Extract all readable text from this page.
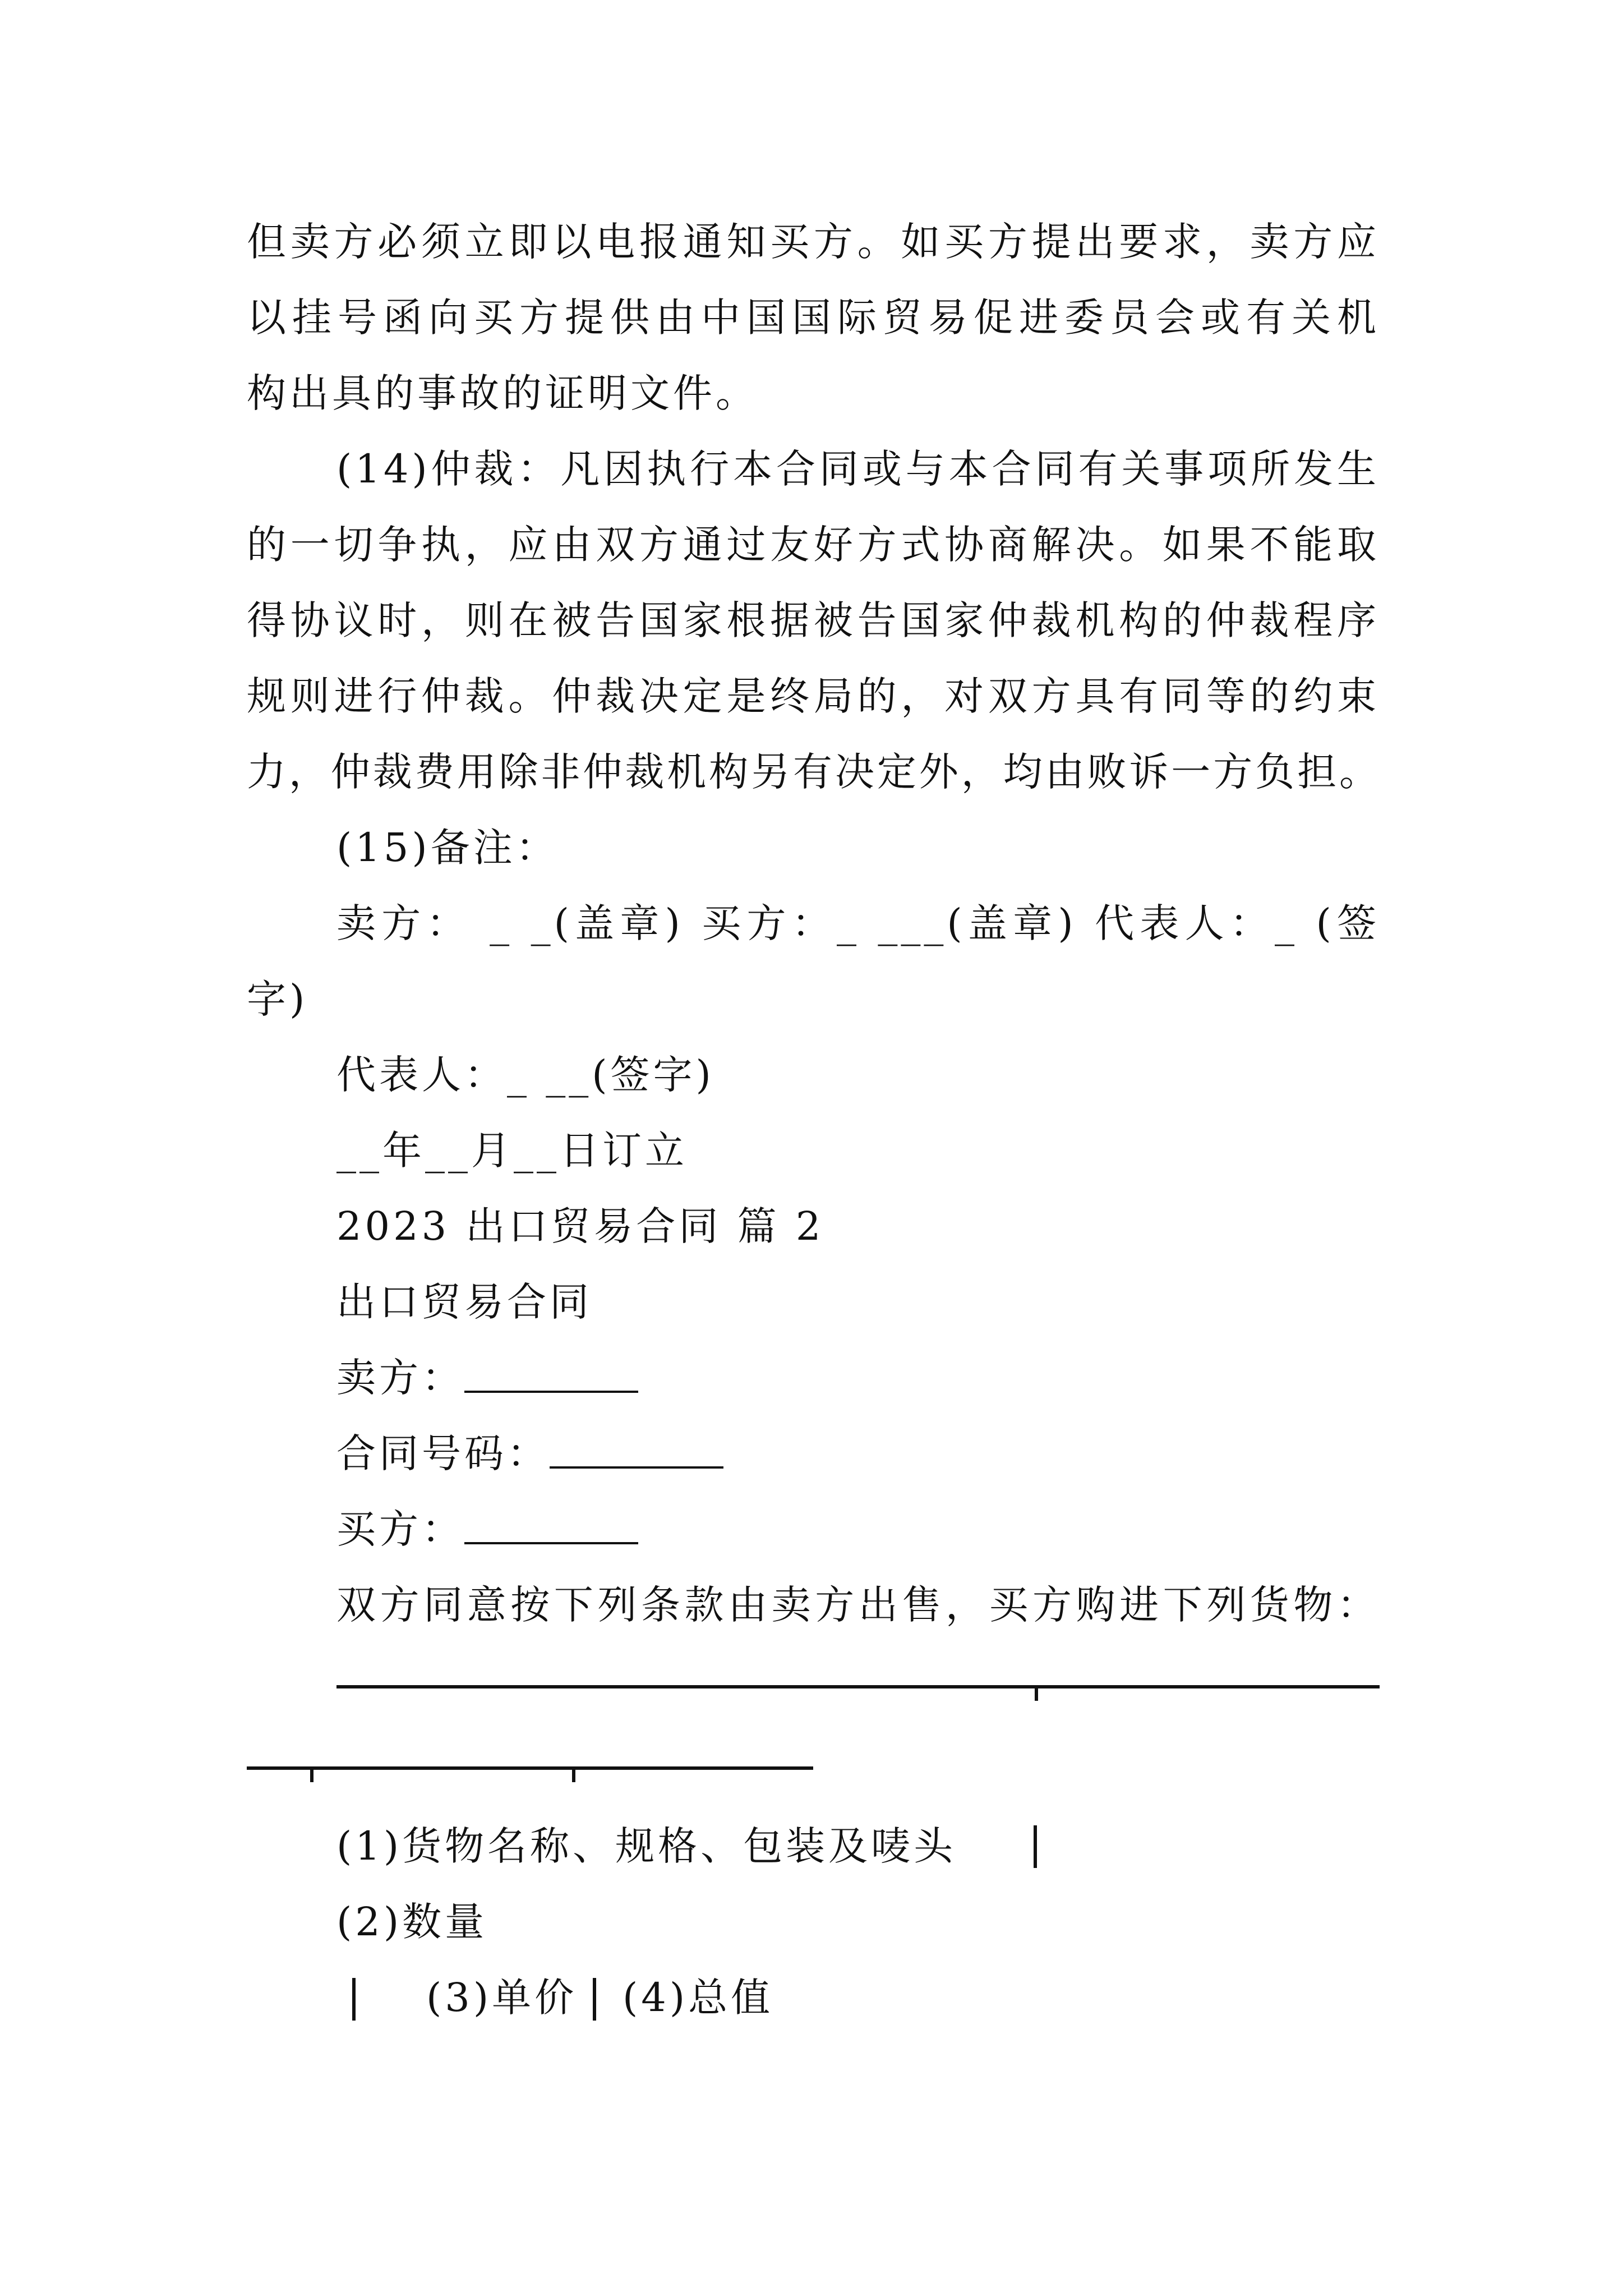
但卖方必须立即以电报通知买方。如买方提出要求，卖方应
以挂号函向买方提供由中国国际贸易促进委员会或有关机
构出具的事故的证明文件。
(14)仲裁：凡因执行本合同或与本合同有关事项所发生
的一切争执，应由双方通过友好方式协商解决。如果不能取
得协议时，则在被告国家根据被告国家仲裁机构的仲裁程序
规则进行仲裁。仲裁决定是终局的，对双方具有同等的约束
力，仲裁费用除非仲裁机构另有决定外，均由败诉一方负担。
(15)备注：
卖方： _ _(盖章) 买方：_ ___(盖章) 代表人：_ (签
字)
代表人：_ __(签字)
__年__月__日订立
2023 出口贸易合同 篇 2
出口贸易合同
卖方：
合同号码：
买方：
双方同意按下列条款由卖方出售，买方购进下列货物：
(1)货物名称、规格、包装及唛头
(2)数量
(3)单价 (4)总值
